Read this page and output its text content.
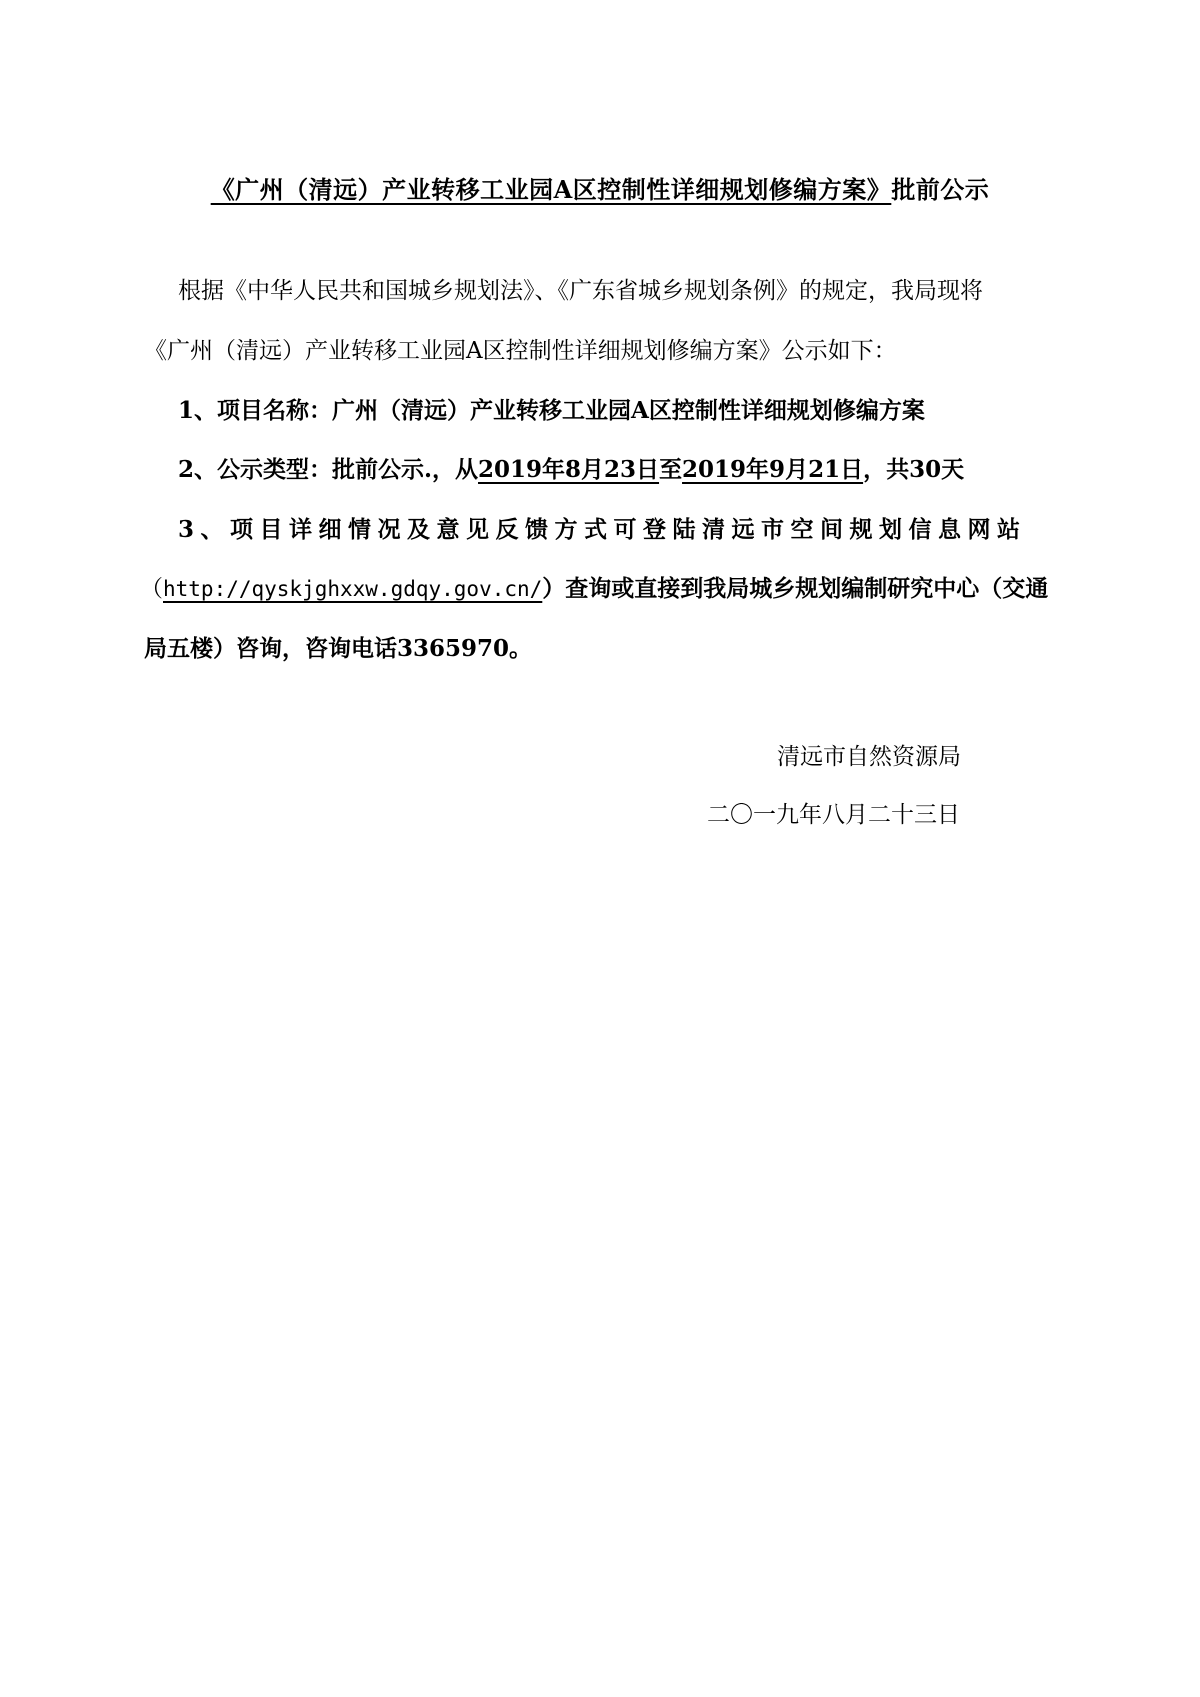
《广州（清远）产业转移工业园A区控制性详细规划修编方案》批前公示
根据《中华人民共和国城乡规划法》、《广东省城乡规划条例》的规定，我局现将
《广州（清远）产业转移工业园A区控制性详细规划修编方案》公示如下：
1、项目名称：广州（清远）产业转移工业园A区控制性详细规划修编方案
2、公示类型：批前公示.，从2019年8月23日至2019年9月21日，共30天
3、项目详细情况及意见反馈方式可登陆清远市空间规划信息网站
（http://qyskjghxxw.gdqy.gov.cn/）查询或直接到我局城乡规划编制研究中心（交通
局五楼）咨询，咨询电话3365970。
清远市自然资源局
二〇一九年八月二十三日
